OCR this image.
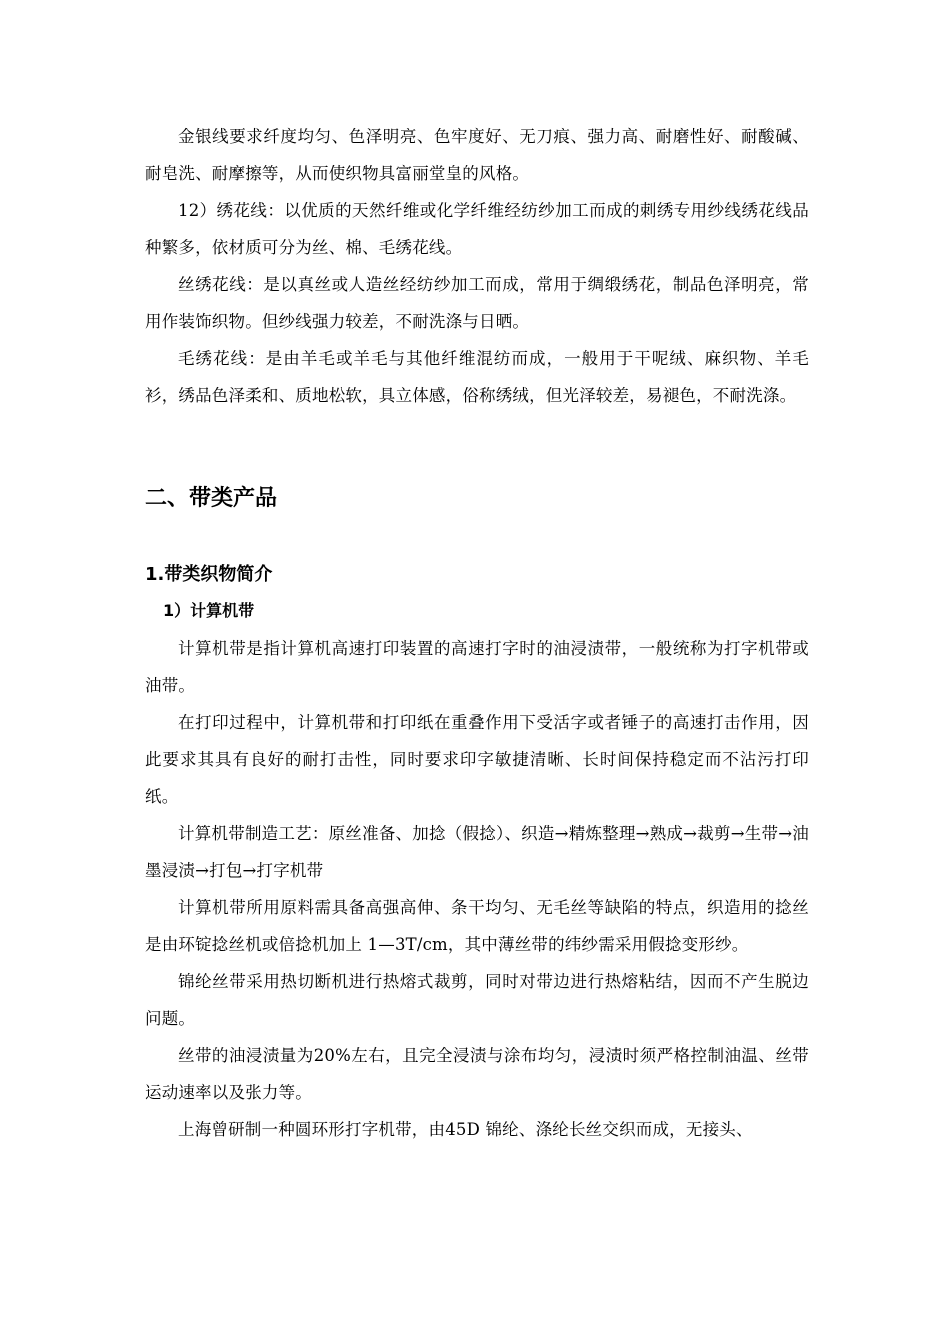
金银线要求纤度均匀、色泽明亮、色牢度好、无刀痕、强力高、耐磨性好、耐酸碱、耐皂洗、耐摩擦等，从而使织物具富丽堂皇的风格。

12）绣花线：以优质的天然纤维或化学纤维经纺纱加工而成的刺绣专用纱线绣花线品种繁多，依材质可分为丝、棉、毛绣花线。

丝绣花线：是以真丝或人造丝经纺纱加工而成，常用于绸缎绣花，制品色泽明亮，常用作装饰织物。但纱线强力较差，不耐洗涤与日晒。

毛绣花线：是由羊毛或羊毛与其他纤维混纺而成，一般用于干呢绒、麻织物、羊毛衫，绣品色泽柔和、质地松软，具立体感，俗称绣绒，但光泽较差，易褪色，不耐洗涤。

二、带类产品
1.带类织物简介
1）计算机带

计算机带是指计算机高速打印装置的高速打字时的油浸渍带，一般统称为打字机带或油带。

在打印过程中，计算机带和打印纸在重叠作用下受活字或者锤子的高速打击作用，因此要求其具有良好的耐打击性，同时要求印字敏捷清晰、长时间保持稳定而不沾污打印纸。

计算机带制造工艺：原丝准备、加捻（假捻）、织造→精炼整理→熟成→裁剪→生带→油墨浸渍→打包→打字机带

计算机带所用原料需具备高强高伸、条干均匀、无毛丝等缺陷的特点，织造用的捻丝是由环锭捻丝机或倍捻机加上 1—3T/cm，其中薄丝带的纬纱需采用假捻变形纱。

锦纶丝带采用热切断机进行热熔式裁剪，同时对带边进行热熔粘结，因而不产生脱边问题。

丝带的油浸渍量为20%左右，且完全浸渍与涂布均匀，浸渍时须严格控制油温、丝带运动速率以及张力等。

上海曾研制一种圆环形打字机带，由45D 锦纶、涤纶长丝交织而成，无接头、
